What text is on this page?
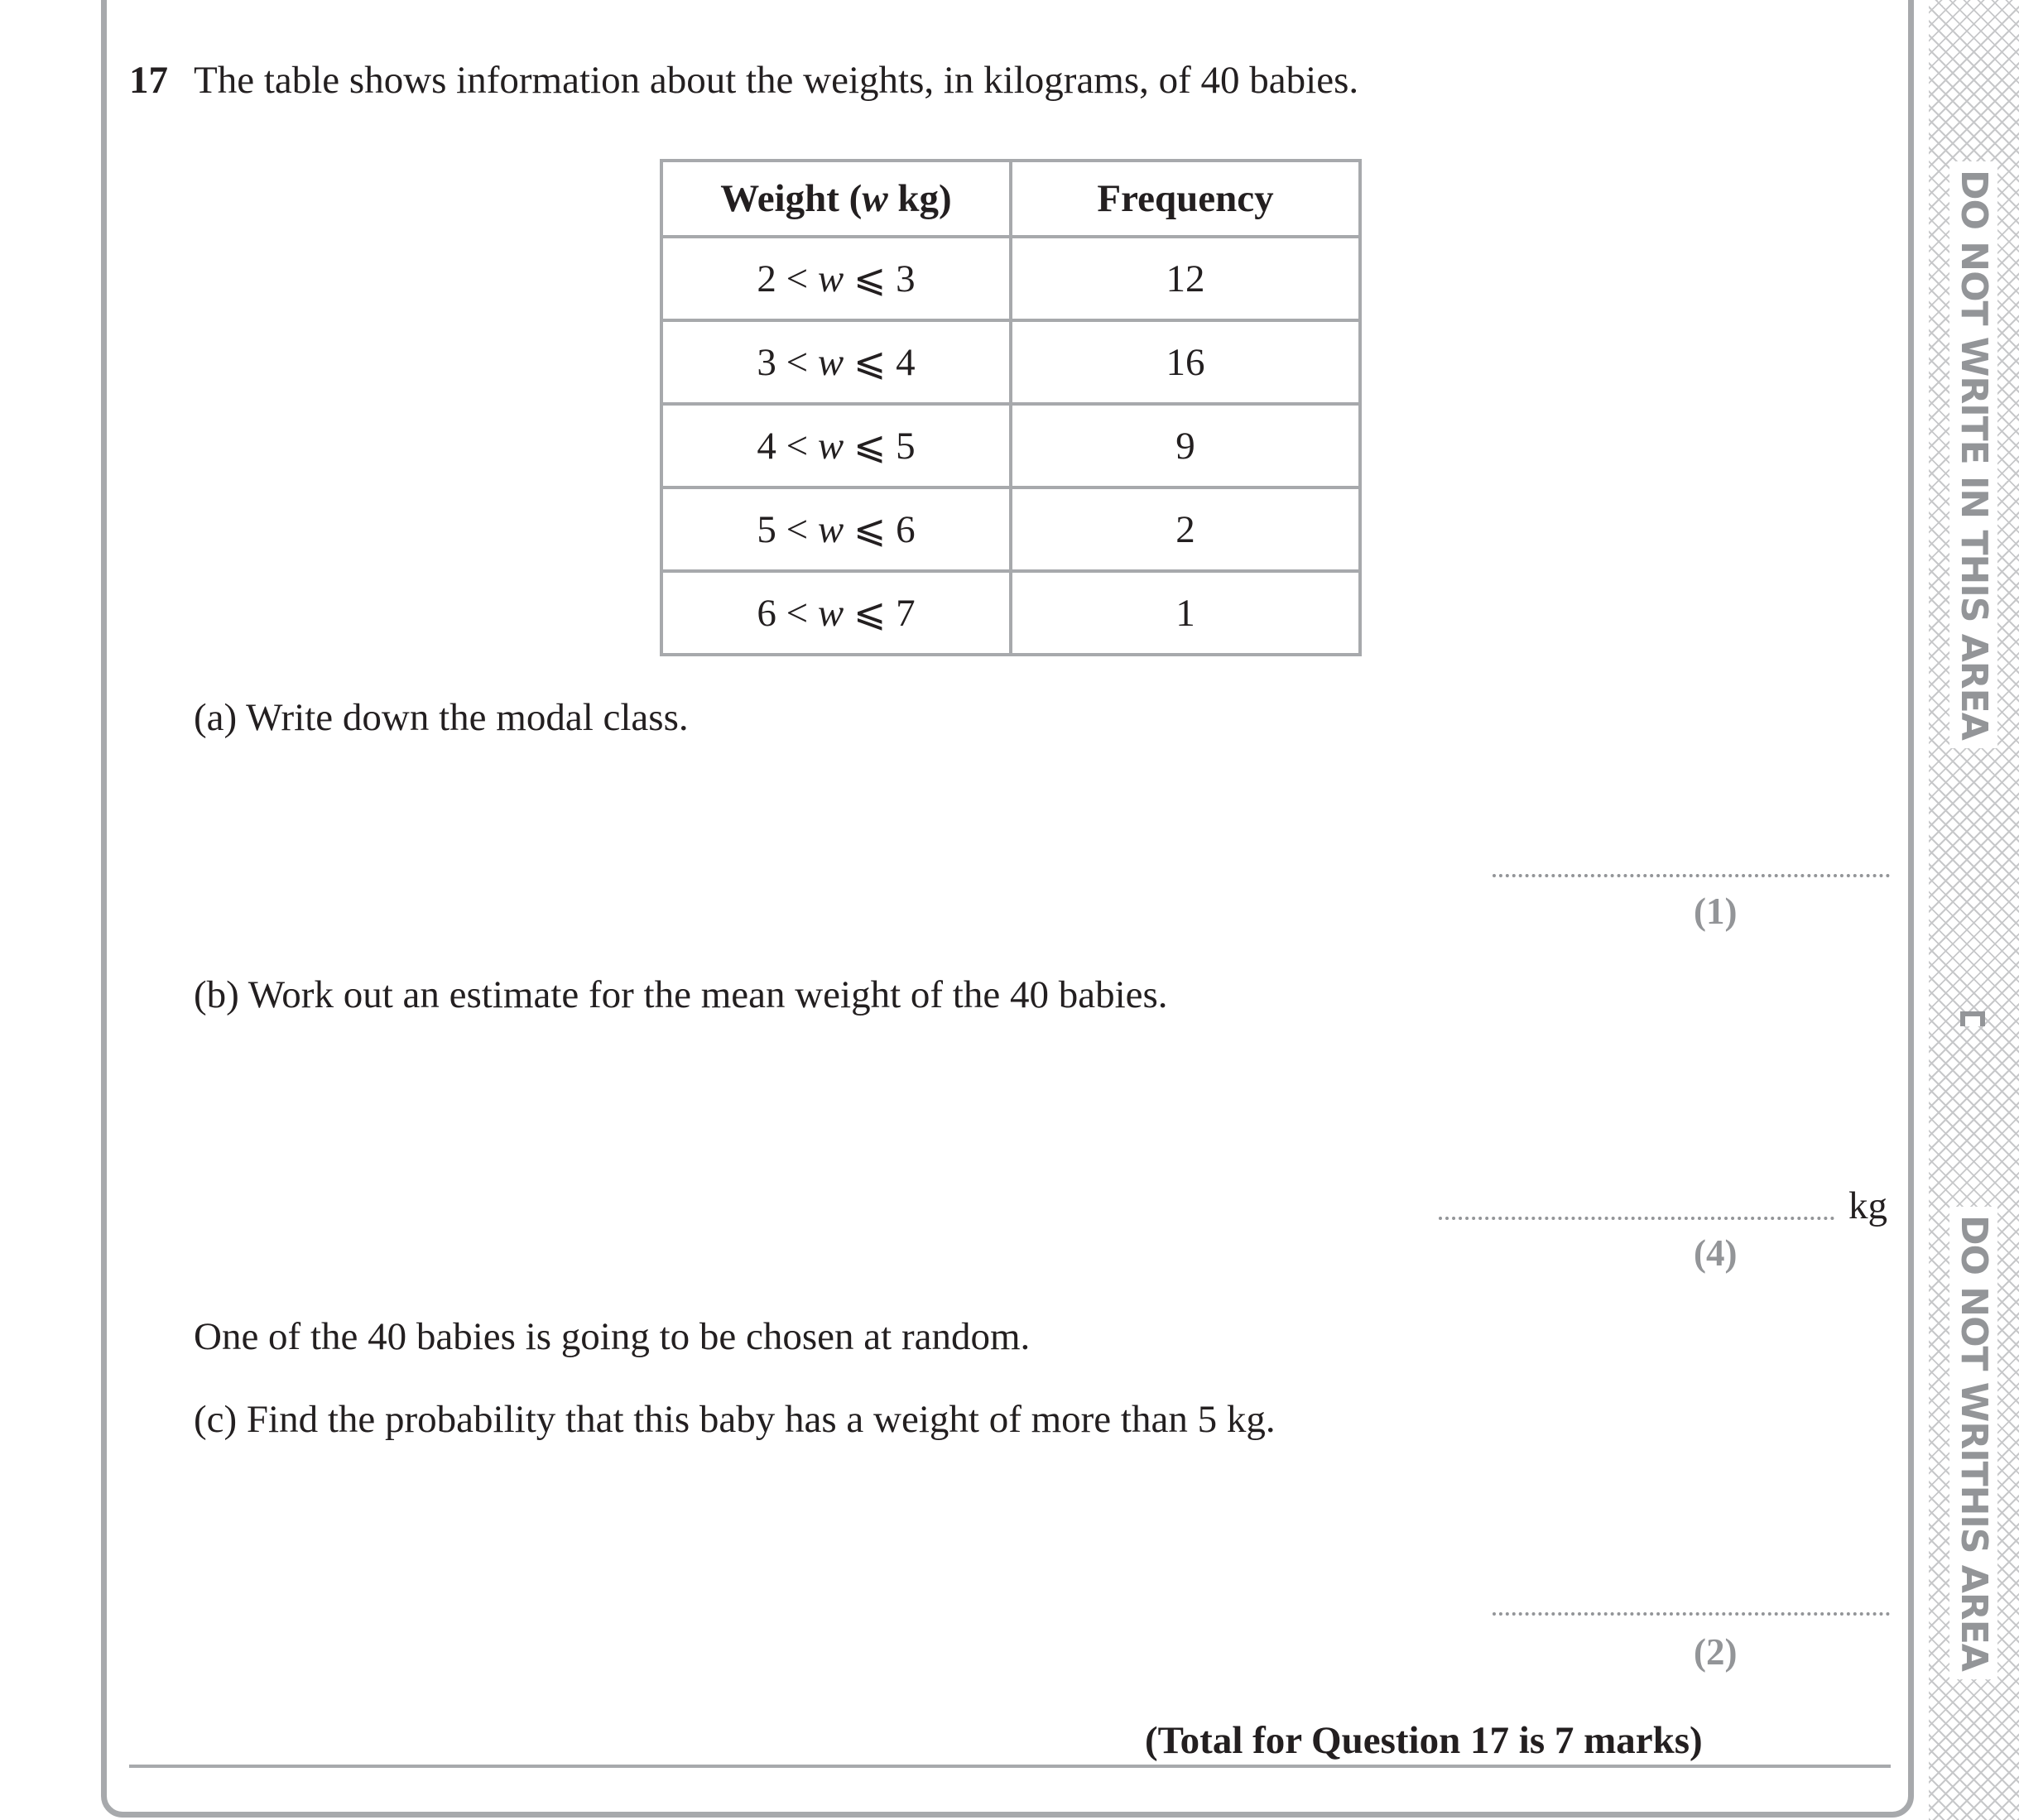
DO NOT WRITE IN THIS AREA
DO NOT WRITHIS AREA
17 The table shows information about the weights, in kilograms, of 40 babies.
Weight (w kg)	Frequency
2 < w ⩽ 3	12
3 < w ⩽ 4	16
4 < w ⩽ 5	9
5 < w ⩽ 6	2
6 < w ⩽ 7	1
(a) Write down the modal class.
(1)
(b) Work out an estimate for the mean weight of the 40 babies.
kg
(4)
One of the 40 babies is going to be chosen at random.
(c) Find the probability that this baby has a weight of more than 5 kg.
(2)
(Total for Question 17 is 7 marks)
